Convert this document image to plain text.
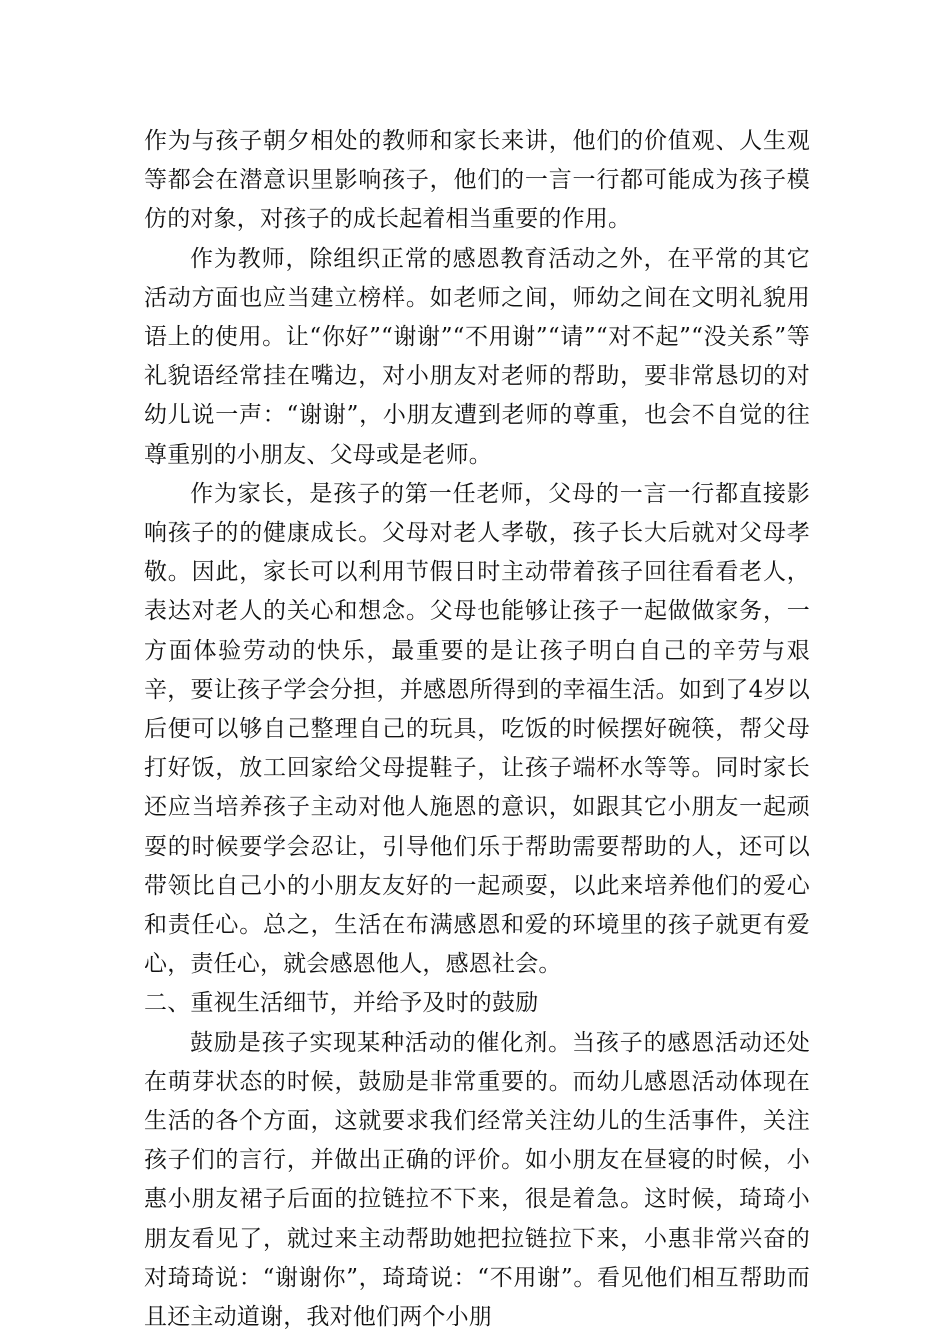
作为与孩子朝夕相处的教师和家长来讲，他们的价值观、人生观等都会在潜意识里影响孩子，他们的一言一行都可能成为孩子模仿的对象，对孩子的成长起着相当重要的作用。

作为教师，除组织正常的感恩教育活动之外，在平常的其它活动方面也应当建立榜样。如老师之间，师幼之间在文明礼貌用语上的使用。让“你好”“谢谢”“不用谢”“请”“对不起”“没关系”等礼貌语经常挂在嘴边，对小朋友对老师的帮助，要非常恳切的对幼儿说一声：“谢谢”，小朋友遭到老师的尊重，也会不自觉的往尊重别的小朋友、父母或是老师。

作为家长，是孩子的第一任老师，父母的一言一行都直接影响孩子的的健康成长。父母对老人孝敬，孩子长大后就对父母孝敬。因此，家长可以利用节假日时主动带着孩子回往看看老人，表达对老人的关心和想念。父母也能够让孩子一起做做家务，一方面体验劳动的快乐，最重要的是让孩子明白自己的辛劳与艰辛，要让孩子学会分担，并感恩所得到的幸福生活。如到了4岁以后便可以够自己整理自己的玩具，吃饭的时候摆好碗筷，帮父母打好饭，放工回家给父母提鞋子，让孩子端杯水等等。同时家长还应当培养孩子主动对他人施恩的意识，如跟其它小朋友一起顽耍的时候要学会忍让，引导他们乐于帮助需要帮助的人，还可以带领比自己小的小朋友友好的一起顽耍，以此来培养他们的爱心和责任心。总之，生活在布满感恩和爱的环境里的孩子就更有爱心，责任心，就会感恩他人，感恩社会。

二、重视生活细节，并给予及时的鼓励

鼓励是孩子实现某种活动的催化剂。当孩子的感恩活动还处在萌芽状态的时候，鼓励是非常重要的。而幼儿感恩活动体现在生活的各个方面，这就要求我们经常关注幼儿的生活事件，关注孩子们的言行，并做出正确的评价。如小朋友在昼寝的时候，小惠小朋友裙子后面的拉链拉不下来，很是着急。这时候，琦琦小朋友看见了，就过来主动帮助她把拉链拉下来，小惠非常兴奋的对琦琦说：“谢谢你”，琦琦说：“不用谢”。看见他们相互帮助而且还主动道谢，我对他们两个小朋
